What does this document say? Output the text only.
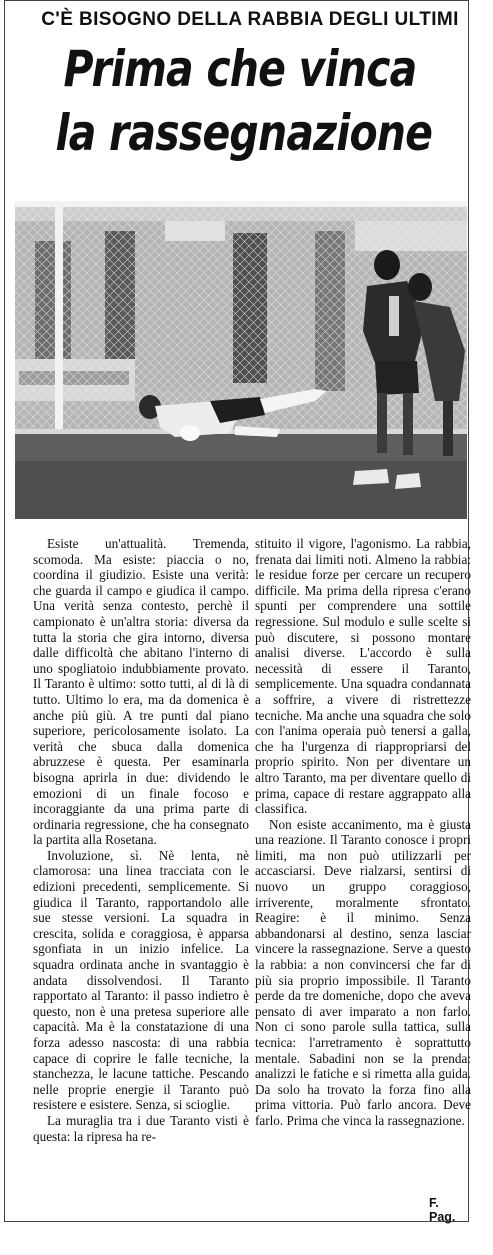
C'È BISOGNO DELLA RABBIA DEGLI ULTIMI
Prima che vinca
la rassegnazione

Esiste un'attualità. Tremenda, scomoda. Ma esiste: piaccia o no, coordina il giudizio. Esiste una verità: che guarda il campo e giudica il campo. Una verità senza contesto, perchè il campionato è un'altra storia: diversa da tutta la storia che gira intorno, diversa dalle difficoltà che abitano l'interno di uno spogliatoio indubbiamente provato. Il Taranto è ultimo: sotto tutti, al di là di tutto. Ultimo lo era, ma da domenica è anche più giù. A tre punti dal piano superiore, pericolosamente isolato. La verità che sbuca dalla domenica abruzzese è questa. Per esaminarla bisogna aprirla in due: dividendo le emozioni di un finale focoso e incoraggiante da una prima parte di ordinaria regressione, che ha consegnato la partita alla Rosetana.

Involuzione, sì. Nè lenta, nè clamorosa: una linea tracciata con le edizioni precedenti, semplicemente. Si giudica il Taranto, rapportandolo alle sue stesse versioni. La squadra in crescita, solida e coraggiosa, è apparsa sgonfiata in un inizio infelice. La squadra ordinata anche in svantaggio è andata dissolvendosi. Il Taranto rapportato al Taranto: il passo indietro è questo, non è una pretesa superiore alle capacità. Ma è la constatazione di una forza adesso nascosta: di una rabbia capace di coprire le falle tecniche, la stanchezza, le lacune tattiche. Pescando nelle proprie energie il Taranto può resistere e esistere. Senza, si scioglie.

La muraglia tra i due Taranto visti è questa: la ripresa ha re-

stituito il vigore, l'agonismo. La rabbia, frenata dai limiti noti. Almeno la rabbia: le residue forze per cercare un recupero difficile. Ma prima della ripresa c'erano spunti per comprendere una sottile regressione. Sul modulo e sulle scelte si può discutere, si possono montare analisi diverse. L'accordo è sulla necessità di essere il Taranto, semplicemente. Una squadra condannata a soffrire, a vivere di ristrettezze tecniche. Ma anche una squadra che solo con l'anima operaia può tenersi a galla, che ha l'urgenza di riappropriarsi del proprio spirito. Non per diventare un altro Taranto, ma per diventare quello di prima, capace di restare aggrappato alla classifica.

Non esiste accanimento, ma è giusta una reazione. Il Taranto conosce i propri limiti, ma non può utilizzarli per accasciarsi. Deve rialzarsi, sentirsi di nuovo un gruppo coraggioso, irriverente, moralmente sfrontato. Reagire: è il minimo. Senza abbandonarsi al destino, senza lasciar vincere la rassegnazione. Serve a questo la rabbia: a non convincersi che far di più sia proprio impossibile. Il Taranto perde da tre domeniche, dopo che aveva pensato di aver imparato a non farlo. Non ci sono parole sulla tattica, sulla tecnica: l'arretramento è soprattutto mentale. Sabadini non se la prenda: analizzi le fatiche e si rimetta alla guida. Da solo ha trovato la forza fino alla prima vittoria. Può farlo ancora. Deve farlo. Prima che vinca la rassegnazione.

F. Pag.
